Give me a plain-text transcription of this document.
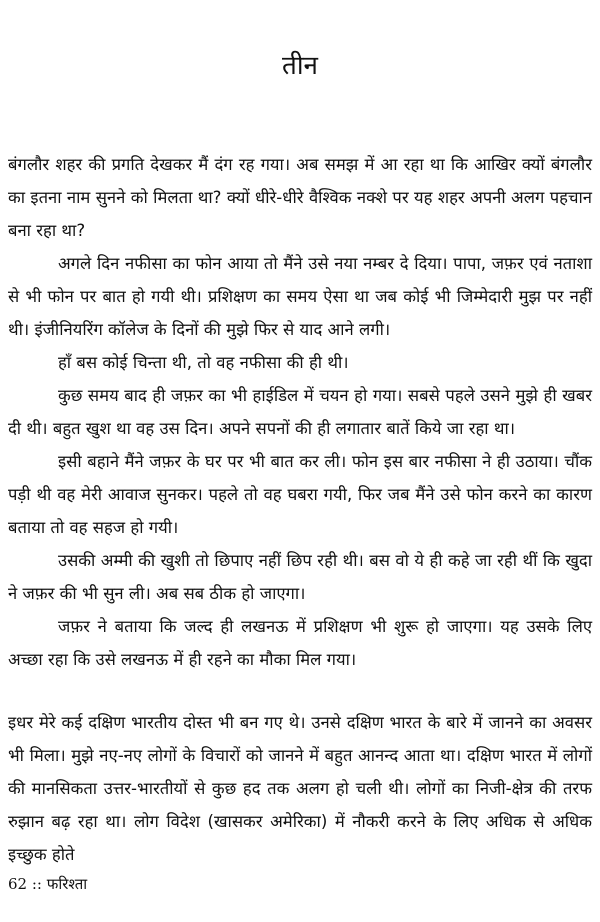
तीन

बंगलौर शहर की प्रगति देखकर मैं दंग रह गया। अब समझ में आ रहा था कि आखिर क्यों बंगलौर का इतना नाम सुनने को मिलता था? क्यों धीरे-धीरे वैश्विक नक्शे पर यह शहर अपनी अलग पहचान बना रहा था?

अगले दिन नफीसा का फोन आया तो मैंने उसे नया नम्बर दे दिया। पापा, जफ़र एवं नताशा से भी फोन पर बात हो गयी थी। प्रशिक्षण का समय ऐसा था जब कोई भी जिम्मेदारी मुझ पर नहीं थी। इंजीनियरिंग कॉलेज के दिनों की मुझे फिर से याद आने लगी।

हाँ बस कोई चिन्ता थी, तो वह नफीसा की ही थी।

कुछ समय बाद ही जफ़र का भी हाईडिल में चयन हो गया। सबसे पहले उसने मुझे ही खबर दी थी। बहुत खुश था वह उस दिन। अपने सपनों की ही लगातार बातें किये जा रहा था।

इसी बहाने मैंने जफ़र के घर पर भी बात कर ली। फोन इस बार नफीसा ने ही उठाया। चौंक पड़ी थी वह मेरी आवाज सुनकर। पहले तो वह घबरा गयी, फिर जब मैंने उसे फोन करने का कारण बताया तो वह सहज हो गयी।

उसकी अम्मी की खुशी तो छिपाए नहीं छिप रही थी। बस वो ये ही कहे जा रही थीं कि खुदा ने जफ़र की भी सुन ली। अब सब ठीक हो जाएगा।

जफ़र ने बताया कि जल्द ही लखनऊ में प्रशिक्षण भी शुरू हो जाएगा। यह उसके लिए अच्छा रहा कि उसे लखनऊ में ही रहने का मौका मिल गया।

इधर मेरे कई दक्षिण भारतीय दोस्त भी बन गए थे। उनसे दक्षिण भारत के बारे में जानने का अवसर भी मिला। मुझे नए-नए लोगों के विचारों को जानने में बहुत आनन्द आता था। दक्षिण भारत में लोगों की मानसिकता उत्तर-भारतीयों से कुछ हद तक अलग हो चली थी। लोगों का निजी-क्षेत्र की तरफ रुझान बढ़ रहा था। लोग विदेश (खासकर अमेरिका) में नौकरी करने के लिए अधिक से अधिक इच्छुक होते

62 :: फरिश्ता
